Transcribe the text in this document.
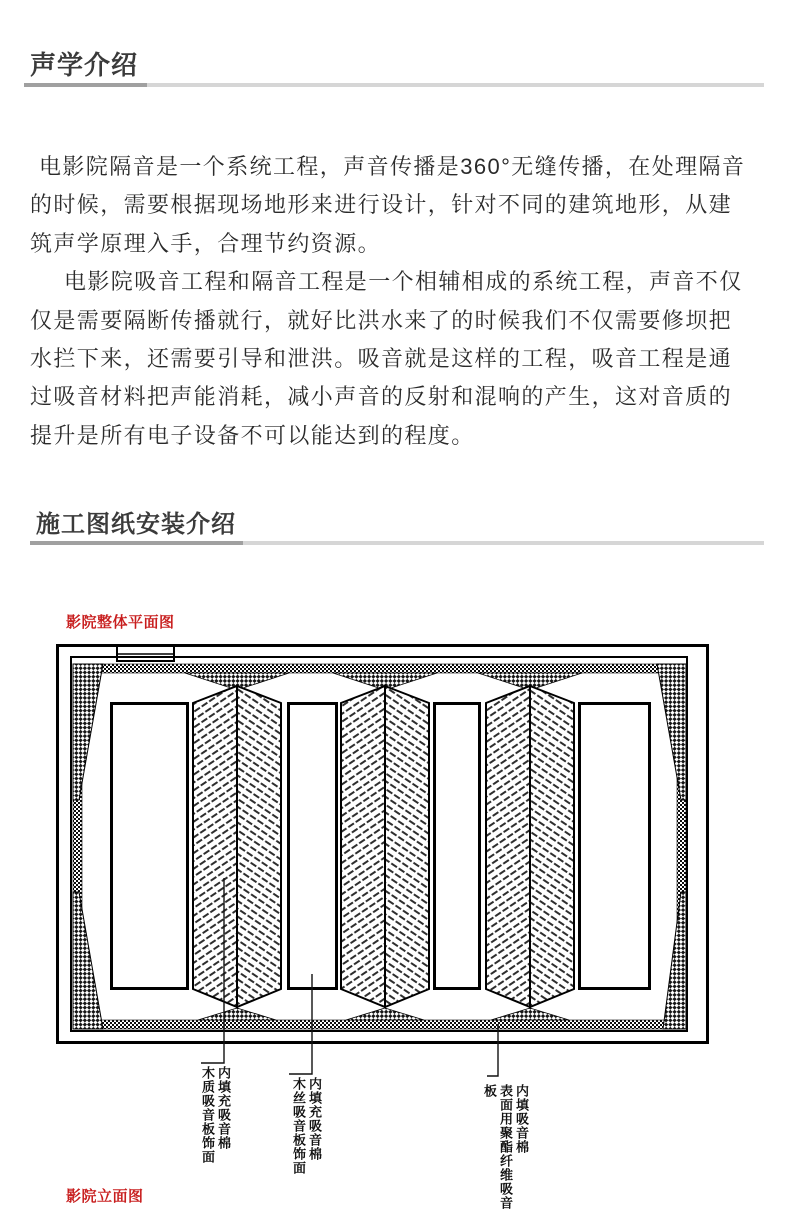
声学介绍
电影院隔音是一个系统工程，声音传播是360°无缝传播，在处理隔音
的时候，需要根据现场地形来进行设计，针对不同的建筑地形，从建
筑声学原理入手，合理节约资源。
电影院吸音工程和隔音工程是一个相辅相成的系统工程，声音不仅
仅是需要隔断传播就行，就好比洪水来了的时候我们不仅需要修坝把
水拦下来，还需要引导和泄洪。吸音就是这样的工程，吸音工程是通
过吸音材料把声能消耗，减小声音的反射和混响的产生，这对音质的
提升是所有电子设备不可以能达到的程度。
施工图纸安装介绍
影院整体平面图
内填充吸音棉
木质吸音板饰面	内填充吸音棉
木丝吸音板饰面	内填吸音棉
表面用聚酯纤维吸音板
影院立面图
